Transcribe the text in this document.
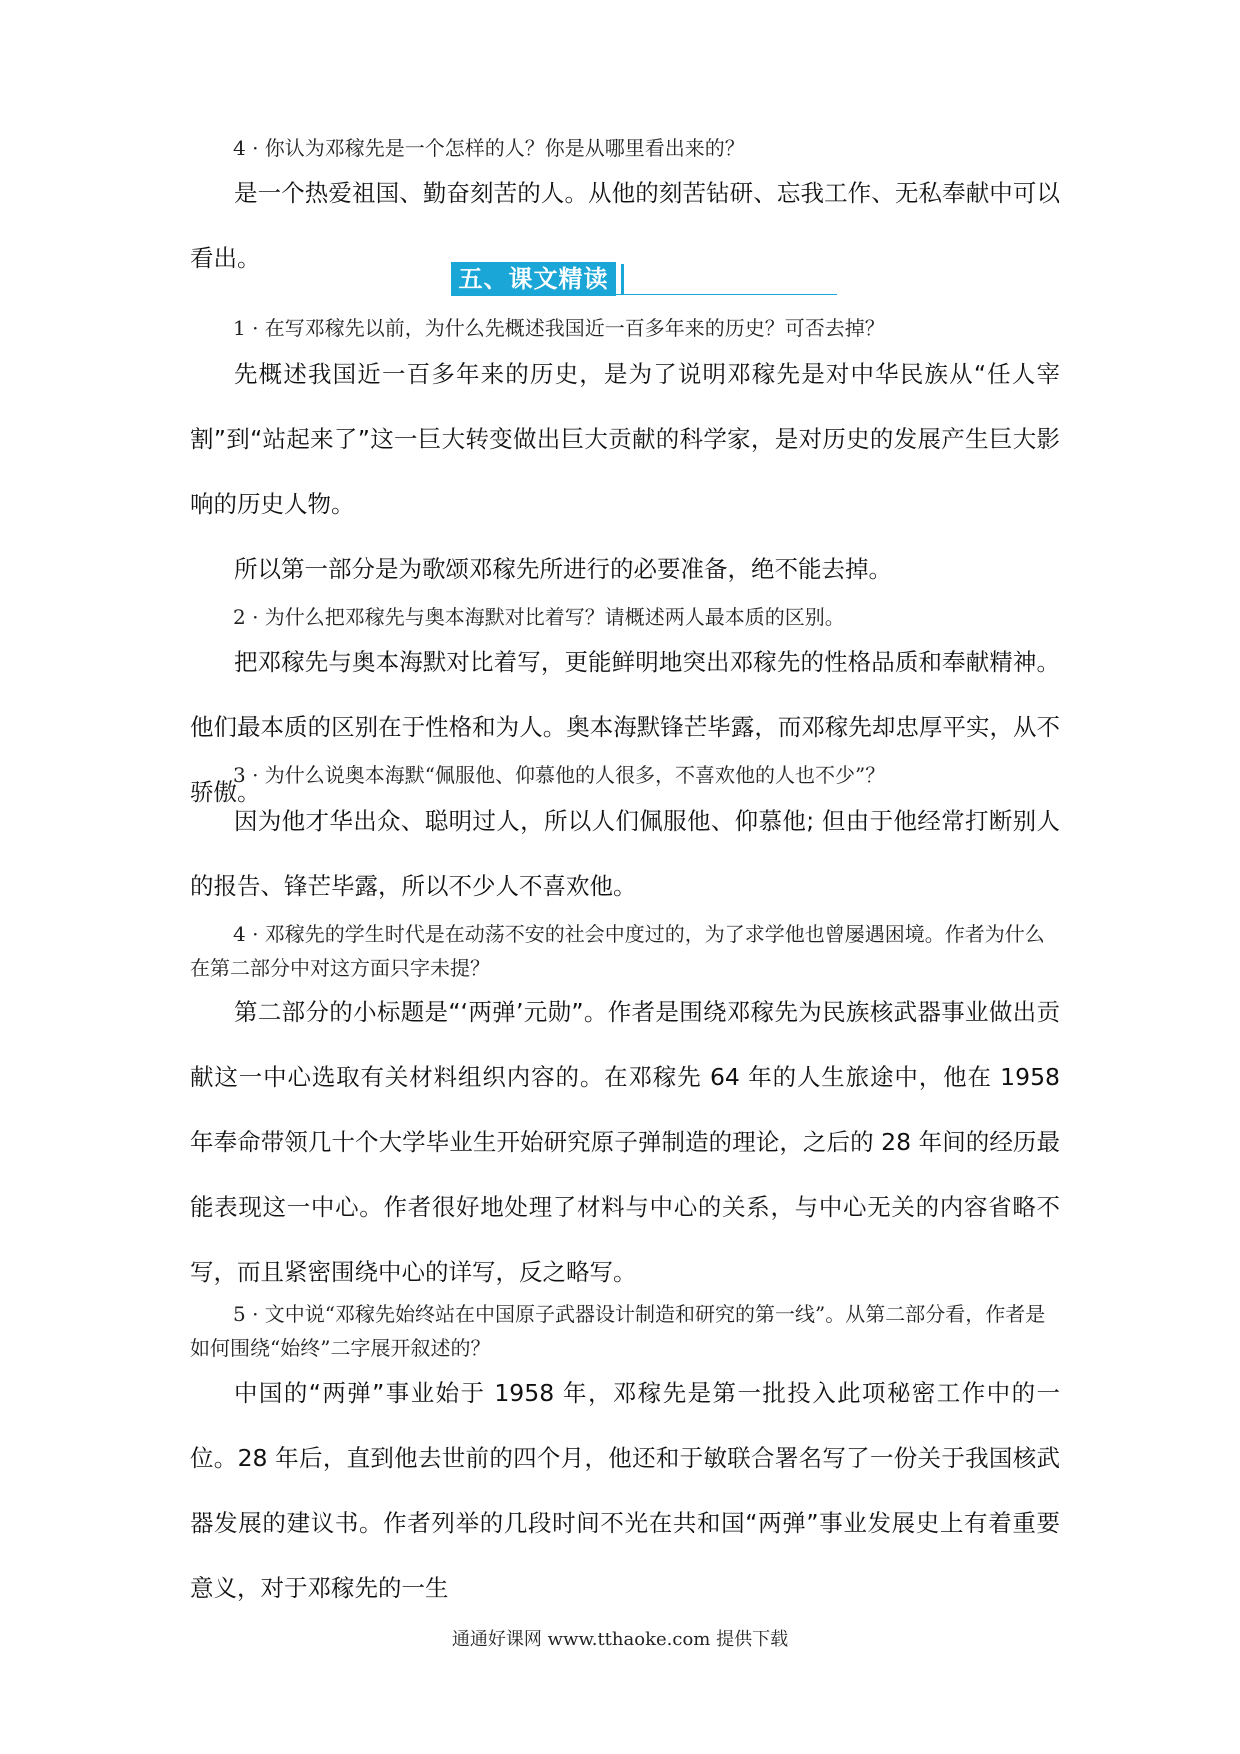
4 · 你认为邓稼先是一个怎样的人？你是从哪里看出来的？
是一个热爱祖国、勤奋刻苦的人。从他的刻苦钻研、忘我工作、无私奉献中可以看出。
五、课文精读
1 · 在写邓稼先以前，为什么先概述我国近一百多年来的历史？可否去掉？
先概述我国近一百多年来的历史，是为了说明邓稼先是对中华民族从“任人宰割”到“站起来了”这一巨大转变做出巨大贡献的科学家，是对历史的发展产生巨大影响的历史人物。
所以第一部分是为歌颂邓稼先所进行的必要准备，绝不能去掉。
2 · 为什么把邓稼先与奥本海默对比着写？请概述两人最本质的区别。
把邓稼先与奥本海默对比着写，更能鲜明地突出邓稼先的性格品质和奉献精神。他们最本质的区别在于性格和为人。奥本海默锋芒毕露，而邓稼先却忠厚平实，从不骄傲。
3 · 为什么说奥本海默“佩服他、仰慕他的人很多，不喜欢他的人也不少”？
因为他才华出众、聪明过人，所以人们佩服他、仰慕他; 但由于他经常打断别人的报告、锋芒毕露，所以不少人不喜欢他。
4 · 邓稼先的学生时代是在动荡不安的社会中度过的，为了求学他也曾屡遇困境。作者为什么在第二部分中对这方面只字未提？
第二部分的小标题是“‘两弹’元勋”。作者是围绕邓稼先为民族核武器事业做出贡献这一中心选取有关材料组织内容的。在邓稼先 64 年的人生旅途中，他在 1958 年奉命带领几十个大学毕业生开始研究原子弹制造的理论，之后的 28 年间的经历最能表现这一中心。作者很好地处理了材料与中心的关系，与中心无关的内容省略不写，而且紧密围绕中心的详写，反之略写。
5 · 文中说“邓稼先始终站在中国原子武器设计制造和研究的第一线”。从第二部分看，作者是如何围绕“始终”二字展开叙述的？
中国的“两弹”事业始于 1958 年，邓稼先是第一批投入此项秘密工作中的一位。28 年后，直到他去世前的四个月，他还和于敏联合署名写了一份关于我国核武器发展的建议书。作者列举的几段时间不光在共和国“两弹”事业发展史上有着重要意义，对于邓稼先的一生
通通好课网 www.tthaoke.com 提供下载
